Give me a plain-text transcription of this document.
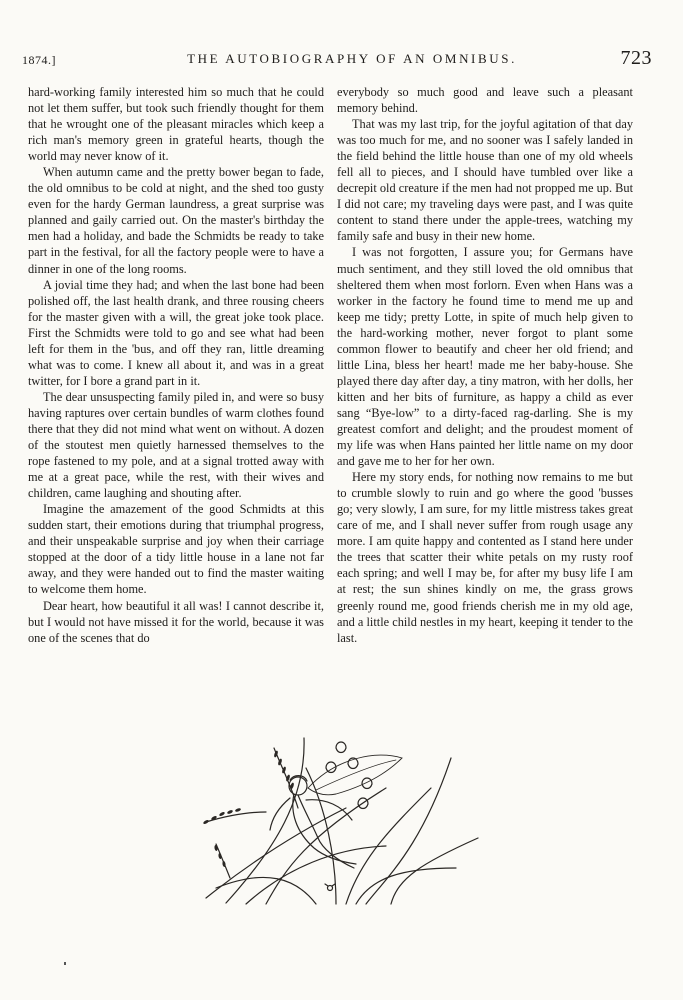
1874.]	THE AUTOBIOGRAPHY OF AN OMNIBUS.	723

hard-working family interested him so much that he could not let them suffer, but took such friendly thought for them that he wrought one of the pleasant miracles which keep a rich man's memory green in grateful hearts, though the world may never know of it.

When autumn came and the pretty bower began to fade, the old omnibus to be cold at night, and the shed too gusty even for the hardy German laundress, a great surprise was planned and gaily carried out. On the master's birthday the men had a holiday, and bade the Schmidts be ready to take part in the festival, for all the factory people were to have a dinner in one of the long rooms.

A jovial time they had; and when the last bone had been polished off, the last health drank, and three rousing cheers for the master given with a will, the great joke took place. First the Schmidts were told to go and see what had been left for them in the 'bus, and off they ran, little dreaming what was to come. I knew all about it, and was in a great twitter, for I bore a grand part in it.

The dear unsuspecting family piled in, and were so busy having raptures over certain bundles of warm clothes found there that they did not mind what went on without. A dozen of the stoutest men quietly harnessed themselves to the rope fastened to my pole, and at a signal trotted away with me at a great pace, while the rest, with their wives and children, came laughing and shouting after.

Imagine the amazement of the good Schmidts at this sudden start, their emotions during that triumphal progress, and their unspeakable surprise and joy when their carriage stopped at the door of a tidy little house in a lane not far away, and they were handed out to find the master waiting to welcome them home.

Dear heart, how beautiful it all was! I cannot describe it, but I would not have missed it for the world, because it was one of the scenes that do

everybody so much good and leave such a pleasant memory behind.

That was my last trip, for the joyful agitation of that day was too much for me, and no sooner was I safely landed in the field behind the little house than one of my old wheels fell all to pieces, and I should have tumbled over like a decrepit old creature if the men had not propped me up. But I did not care; my traveling days were past, and I was quite content to stand there under the apple-trees, watching my family safe and busy in their new home.

I was not forgotten, I assure you; for Germans have much sentiment, and they still loved the old omnibus that sheltered them when most forlorn. Even when Hans was a worker in the factory he found time to mend me up and keep me tidy; pretty Lotte, in spite of much help given to the hard-working mother, never forgot to plant some common flower to beautify and cheer her old friend; and little Lina, bless her heart! made me her baby-house. She played there day after day, a tiny matron, with her dolls, her kitten and her bits of furniture, as happy a child as ever sang “Bye-low” to a dirty-faced rag-darling. She is my greatest comfort and delight; and the proudest moment of my life was when Hans painted her little name on my door and gave me to her for her own.

Here my story ends, for nothing now remains to me but to crumble slowly to ruin and go where the good 'busses go; very slowly, I am sure, for my little mistress takes great care of me, and I shall never suffer from rough usage any more. I am quite happy and contented as I stand here under the trees that scatter their white petals on my rusty roof each spring; and well I may be, for after my busy life I am at rest; the sun shines kindly on me, the grass grows greenly round me, good friends cherish me in my old age, and a little child nestles in my heart, keeping it tender to the last.
